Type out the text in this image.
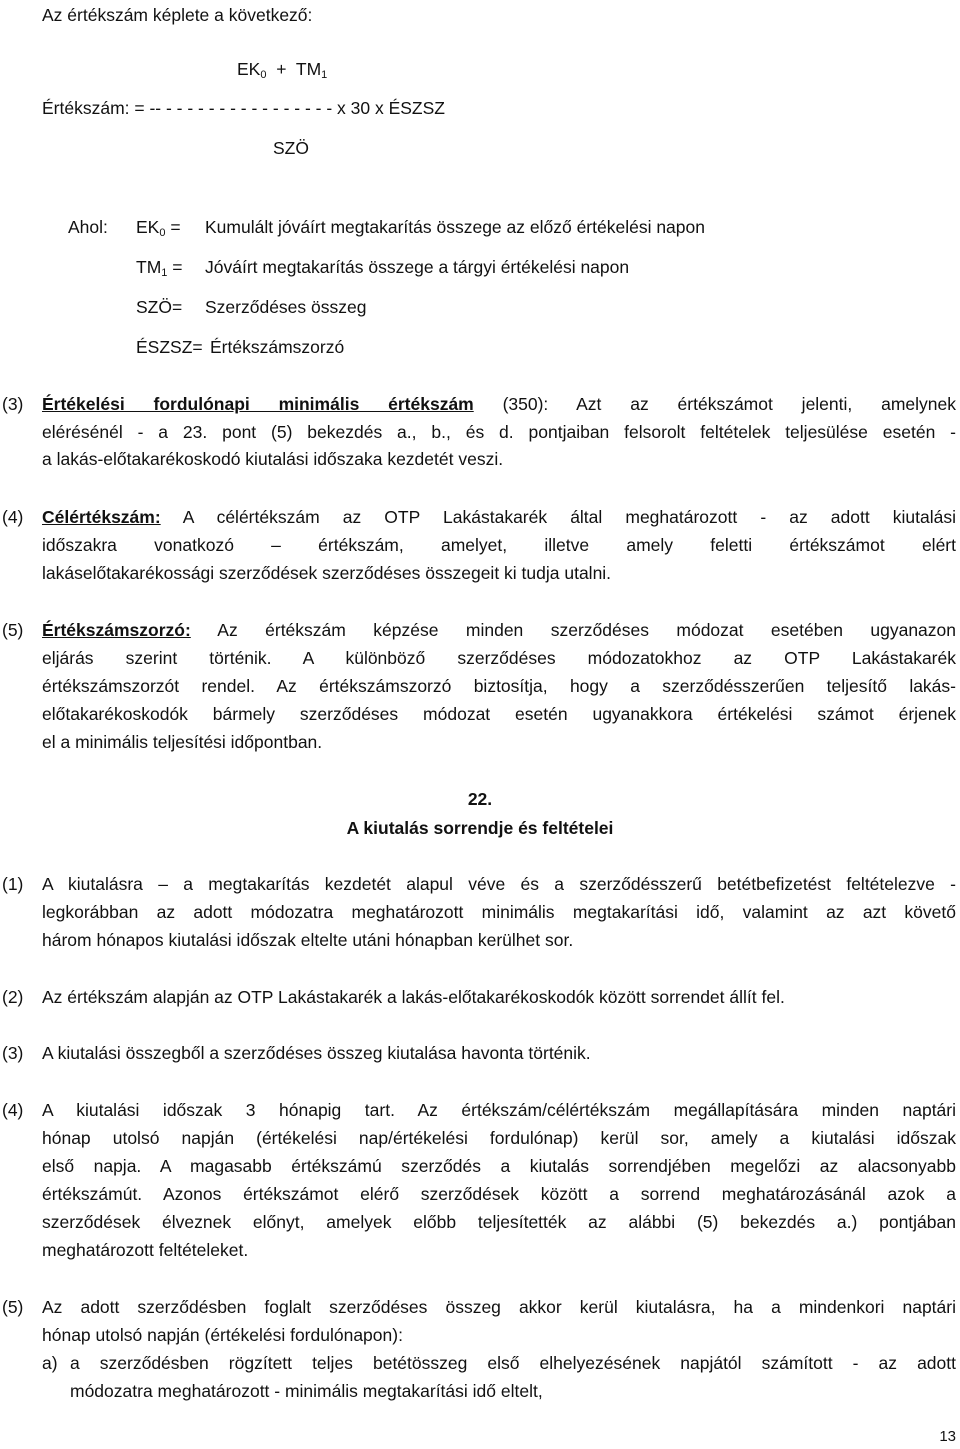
Az értékszám képlete a következő:
$EK_0 + TM_1$
Értékszám: = -- - - - - - - - - - - - - - - - - x 30 x ÉSZSZ
SZÖ
Ahol: $EK_0$ = Kumulált jóváírt megtakarítás összege az előző értékelési napon
$TM_1$ = Jóváírt megtakarítás összege a tárgyi értékelési napon
SZÖ= Szerződéses összeg
ÉSZSZ= Értékszámszorzó
(3) Értékelési fordulónapi minimális értékszám (350): Azt az értékszámot jelenti, amelynek
elérésénél - a 23. pont (5) bekezdés a., b., és d. pontjaiban felsorolt feltételek teljesülése esetén -
a lakás-előtakarékoskodó kiutalási időszaka kezdetét veszi.
(4) Célértékszám: A célértékszám az OTP Lakástakarék által meghatározott - az adott kiutalási
időszakra vonatkozó – értékszám, amelyet, illetve amely feletti értékszámot elért
lakáselőtakarékossági szerződések szerződéses összegeit ki tudja utalni.
(5) Értékszámszorzó: Az értékszám képzése minden szerződéses módozat esetében ugyanazon
eljárás szerint történik. A különböző szerződéses módozatokhoz az OTP Lakástakarék
értékszámszorzót rendel. Az értékszámszorzó biztosítja, hogy a szerződésszerűen teljesítő lakás-
előtakarékoskodók bármely szerződéses módozat esetén ugyanakkora értékelési számot érjenek
el a minimális teljesítési időpontban.
22.
A kiutalás sorrendje és feltételei
(1) A kiutalásra – a megtakarítás kezdetét alapul véve és a szerződésszerű betétbefizetést feltételezve -
legkorábban az adott módozatra meghatározott minimális megtakarítási idő, valamint az azt követő
három hónapos kiutalási időszak eltelte utáni hónapban kerülhet sor.
(2) Az értékszám alapján az OTP Lakástakarék a lakás-előtakarékoskodók között sorrendet állít fel.
(3) A kiutalási összegből a szerződéses összeg kiutalása havonta történik.
(4) A kiutalási időszak 3 hónapig tart. Az értékszám/célértékszám megállapítására minden naptári
hónap utolsó napján (értékelési nap/értékelési fordulónap) kerül sor, amely a kiutalási időszak
első napja. A magasabb értékszámú szerződés a kiutalás sorrendjében megelőzi az alacsonyabb
értékszámút. Azonos értékszámot elérő szerződések között a sorrend meghatározásánál azok a
szerződések élveznek előnyt, amelyek előbb teljesítették az alábbi (5) bekezdés a.) pontjában
meghatározott feltételeket.
(5) Az adott szerződésben foglalt szerződéses összeg akkor kerül kiutalásra, ha a mindenkori naptári
hónap utolsó napján (értékelési fordulónapon):
a) a szerződésben rögzített teljes betétösszeg első elhelyezésének napjától számított - az adott
módozatra meghatározott - minimális megtakarítási idő eltelt,
13
